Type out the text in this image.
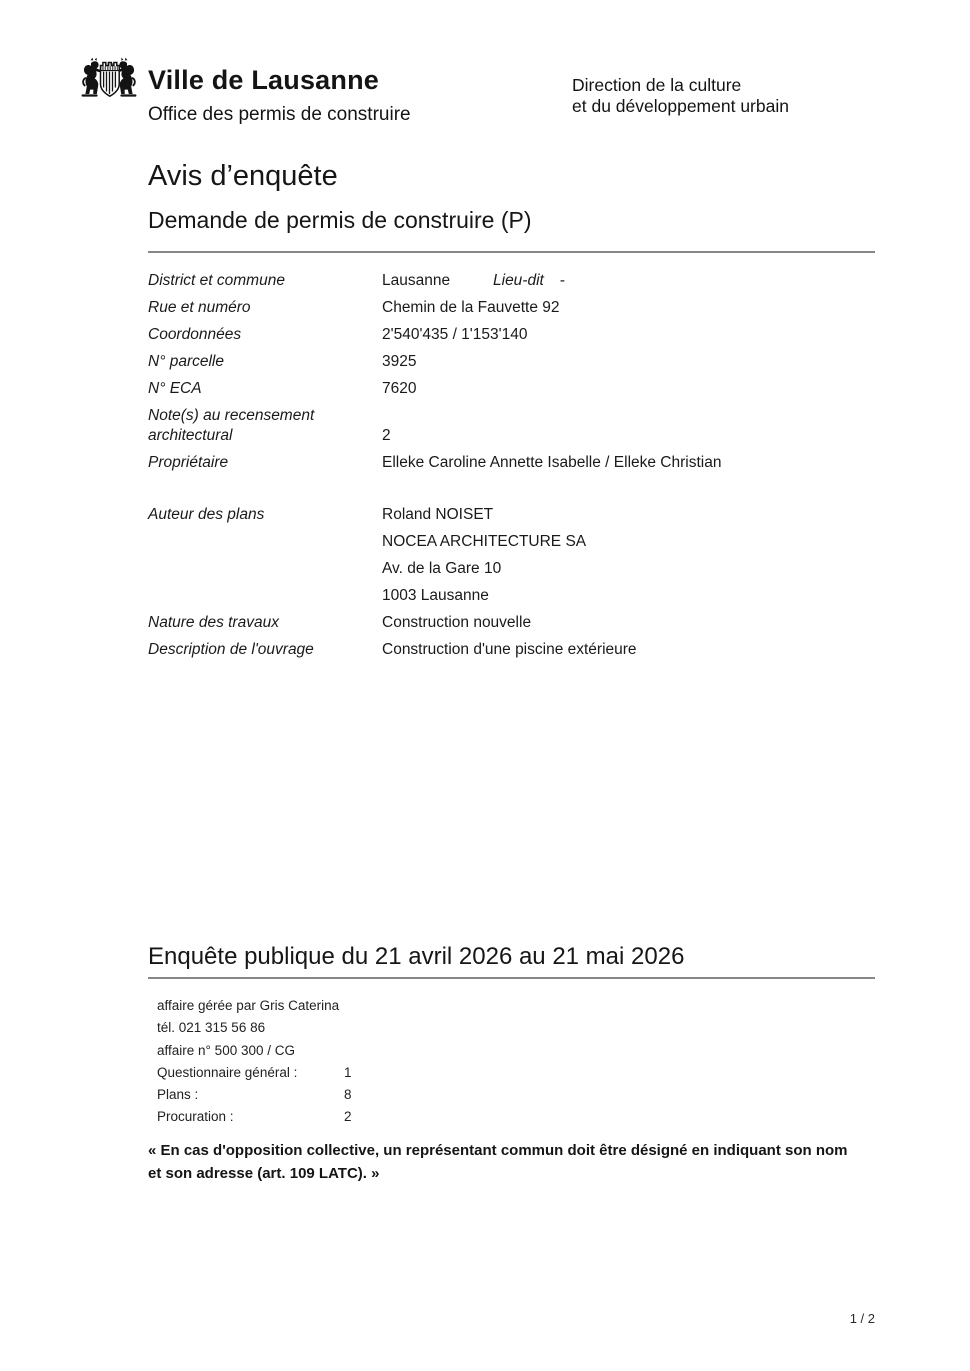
Ville de Lausanne
Office des permis de construire
Direction de la culture
et du développement urbain
Avis d’enquête
Demande de permis de construire (P)
District et commune	Lausanne	Lieu-dit -
Rue et numéro	Chemin de la Fauvette 92
Coordonnées	2'540'435 / 1'153'140
N° parcelle	3925
N° ECA	7620
Note(s) au recensement architectural	2
Propriétaire	Elleke Caroline Annette Isabelle / Elleke Christian
Auteur des plans	Roland NOISET
NOCEA ARCHITECTURE SA
Av. de la Gare 10
1003 Lausanne
Nature des travaux	Construction nouvelle
Description de l'ouvrage	Construction d'une piscine extérieure
Enquête publique du 21 avril 2026 au 21 mai 2026
affaire gérée par Gris Caterina
tél. 021 315 56 86
affaire n° 500 300 / CG
Questionnaire général :	1
Plans :	8
Procuration :	2
« En cas d'opposition collective, un représentant commun doit être désigné en indiquant son nom et son adresse (art. 109 LATC). »
1 / 2
